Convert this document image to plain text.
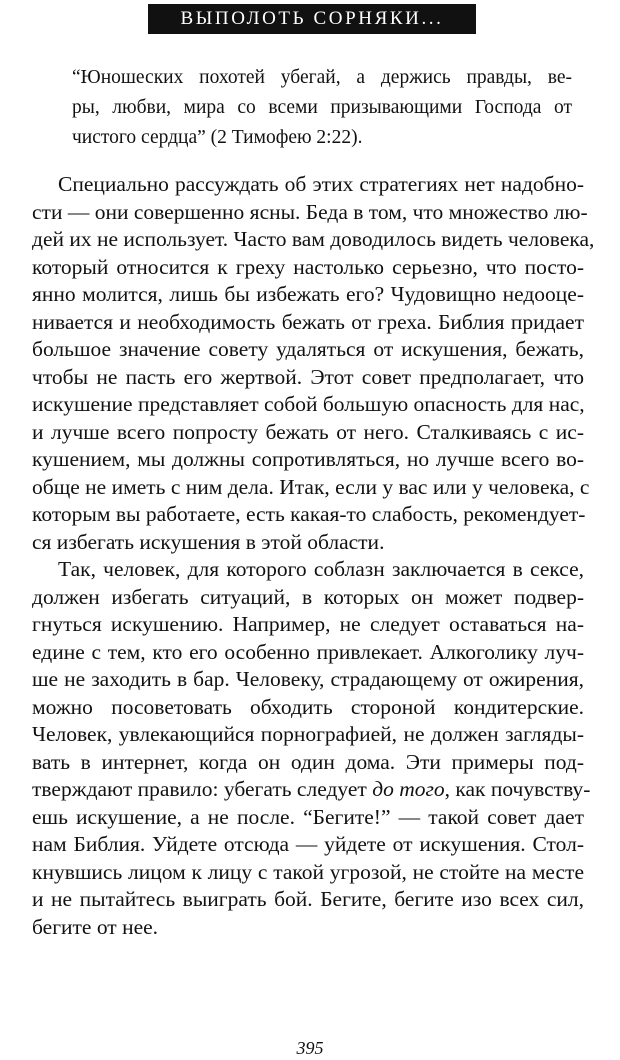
ВЫПОЛОТЬ СОРНЯКИ...
“Юношеских похотей убегай, а держись правды, ве-
ры, любви, мира со всеми призывающими Господа от
чистого сердца” (2 Тимофею 2:22).
Специально рассуждать об этих стратегиях нет надобно-
сти — они совершенно ясны. Беда в том, что множество лю-
дей их не использует. Часто вам доводилось видеть человека,
который относится к греху настолько серьезно, что посто-
янно молится, лишь бы избежать его? Чудовищно недооце-
нивается и необходимость бежать от греха. Библия придает
большое значение совету удаляться от искушения, бежать,
чтобы не пасть его жертвой. Этот совет предполагает, что
искушение представляет собой большую опасность для нас,
и лучше всего попросту бежать от него. Сталкиваясь с ис-
кушением, мы должны сопротивляться, но лучше всего во-
обще не иметь с ним дела. Итак, если у вас или у человека, с
которым вы работаете, есть какая-то слабость, рекомендует-
ся избегать искушения в этой области.
Так, человек, для которого соблазн заключается в сексе,
должен избегать ситуаций, в которых он может подвер-
гнуться искушению. Например, не следует оставаться на-
едине с тем, кто его особенно привлекает. Алкоголику луч-
ше не заходить в бар. Человеку, страдающему от ожирения,
можно посоветовать обходить стороной кондитерские.
Человек, увлекающийся порнографией, не должен загляды-
вать в интернет, когда он один дома. Эти примеры под-
тверждают правило: убегать следует до того, как почувству-
ешь искушение, а не после. “Бегите!” — такой совет дает
нам Библия. Уйдете отсюда — уйдете от искушения. Стол-
кнувшись лицом к лицу с такой угрозой, не стойте на месте
и не пытайтесь выиграть бой. Бегите, бегите изо всех сил,
бегите от нее.
395
